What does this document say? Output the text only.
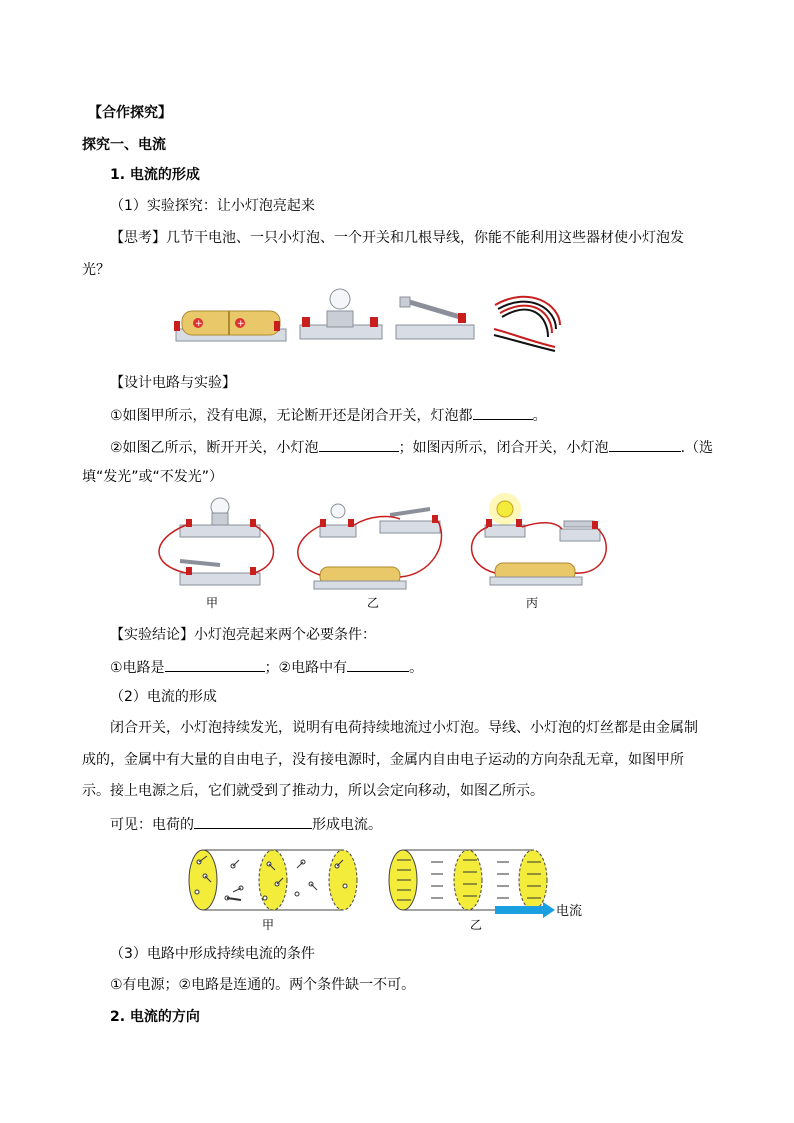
【合作探究】
探究一、电流
1. 电流的形成
（1）实验探究：让小灯泡亮起来
【思考】几节干电池、一只小灯泡、一个开关和几根导线，你能不能利用这些器材使小灯泡发
光？
+	+
【设计电路与实验】
①如图甲所示，没有电源，无论断开还是闭合开关，灯泡都	。
②如图乙所示，断开开关，小灯泡	；如图丙所示，闭合开关，小灯泡	.（选
填“发光”或“不发光”）
甲	乙	丙
【实验结论】小灯泡亮起来两个必要条件：
①电路是	；②电路中有	。
（2）电流的形成
闭合开关，小灯泡持续发光，说明有电荷持续地流过小灯泡。导线、小灯泡的灯丝都是由金属制
成的，金属中有大量的自由电子，没有接电源时，金属内自由电子运动的方向杂乱无章，如图甲所
示。接上电源之后，它们就受到了推动力，所以会定向移动，如图乙所示。
可见：电荷的	形成电流。
甲	乙
电流
（3）电路中形成持续电流的条件
①有电源；②电路是连通的。两个条件缺一不可。
2. 电流的方向
